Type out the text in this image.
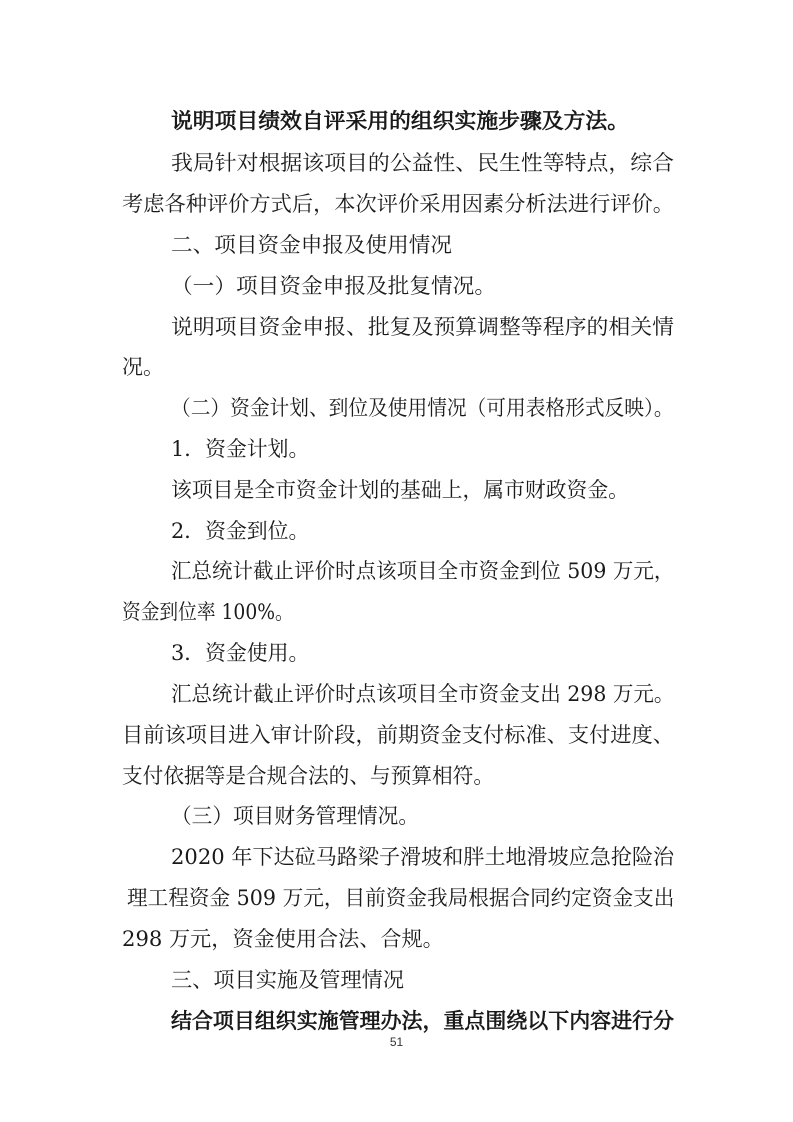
说明项目绩效自评采用的组织实施步骤及方法。
我局针对根据该项目的公益性、民生性等特点，综合
考虑各种评价方式后，本次评价采用因素分析法进行评价。
二、项目资金申报及使用情况
（一）项目资金申报及批复情况。
说明项目资金申报、批复及预算调整等程序的相关情
况。
（二）资金计划、到位及使用情况（可用表格形式反映）。
1．资金计划。
该项目是全市资金计划的基础上，属市财政资金。
2．资金到位。
汇总统计截止评价时点该项目全市资金到位 509 万元，
资金到位率 100%。
3．资金使用。
汇总统计截止评价时点该项目全市资金支出 298 万元。
目前该项目进入审计阶段，前期资金支付标准、支付进度、
支付依据等是合规合法的、与预算相符。
（三）项目财务管理情况。
2020 年下达砬马路梁子滑坡和胖土地滑坡应急抢险治
理工程资金 509 万元，目前资金我局根据合同约定资金支出
298 万元，资金使用合法、合规。
三、项目实施及管理情况
结合项目组织实施管理办法，重点围绕以下内容进行分
51
